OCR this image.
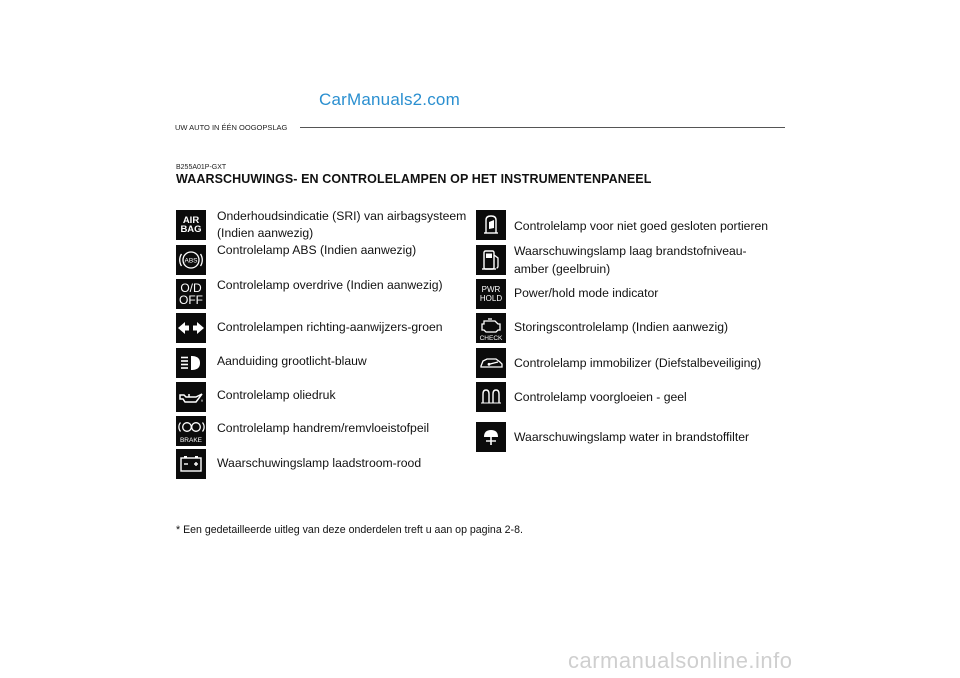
CarManuals2.com
UW AUTO IN ÉÉN OOGOPSLAG
B255A01P-GXT
WAARSCHUWINGS- EN CONTROLELAMPEN OP HET INSTRUMENTENPANEEL
AIR
BAG
Onderhoudsindicatie (SRI) van airbagsysteem
(Indien aanwezig)
ABS
Controlelamp ABS (Indien aanwezig)
O/D
OFF
Controlelamp overdrive (Indien aanwezig)
Controlelampen richting-aanwijzers-groen
Aanduiding grootlicht-blauw
Controlelamp oliedruk
BRAKE
Controlelamp handrem/remvloeistofpeil
Waarschuwingslamp laadstroom-rood
Controlelamp voor niet goed gesloten portieren
Waarschuwingslamp laag brandstofniveau-
amber (geelbruin)
PWR
HOLD Power/hold mode indicator
CHECK
Storingscontrolelamp (Indien aanwezig)
Controlelamp immobilizer (Diefstalbeveiliging)
Controlelamp voorgloeien - geel
Waarschuwingslamp water in brandstoffilter
* Een gedetailleerde uitleg van deze onderdelen treft u aan op pagina 2-8.
carmanualsonline.info
